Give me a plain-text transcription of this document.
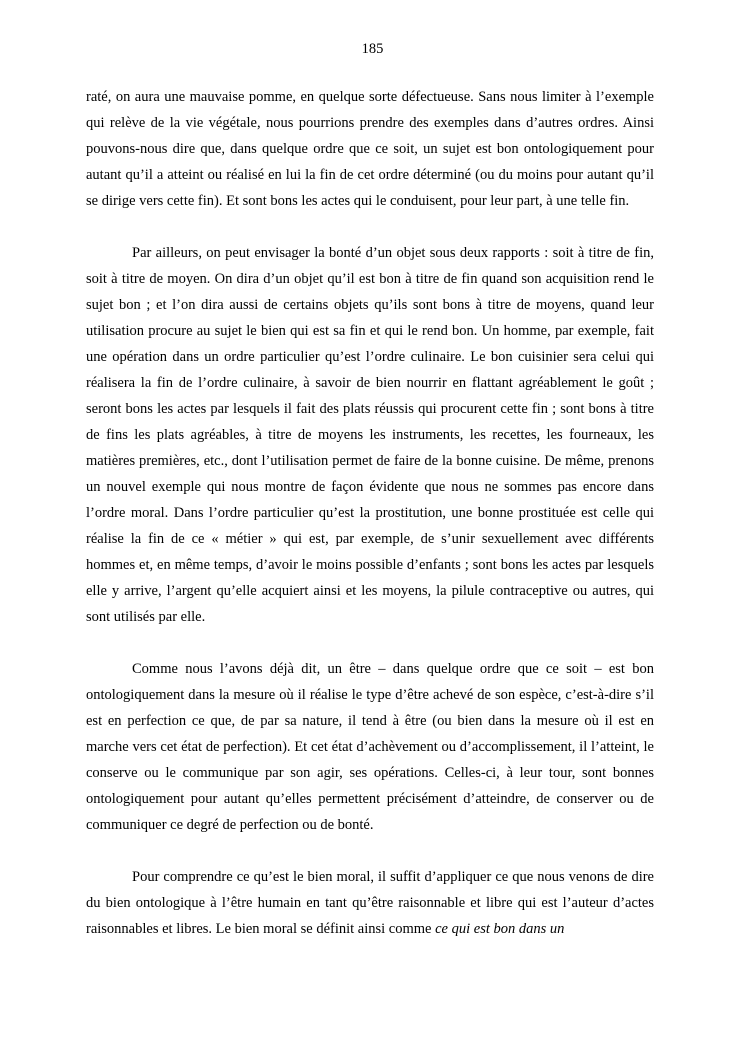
185

raté, on aura une mauvaise pomme, en quelque sorte défectueuse. Sans nous limiter à l’exemple qui relève de la vie végétale, nous pourrions prendre des exemples dans d’autres ordres. Ainsi pouvons-nous dire que, dans quelque ordre que ce soit, un sujet est bon ontologiquement pour autant qu’il a atteint ou réalisé en lui la fin de cet ordre déterminé (ou du moins pour autant qu’il se dirige vers cette fin). Et sont bons les actes qui le conduisent, pour leur part, à une telle fin.

Par ailleurs, on peut envisager la bonté d’un objet sous deux rapports : soit à titre de fin, soit à titre de moyen. On dira d’un objet qu’il est bon à titre de fin quand son acquisition rend le sujet bon ; et l’on dira aussi de certains objets qu’ils sont bons à titre de moyens, quand leur utilisation procure au sujet le bien qui est sa fin et qui le rend bon. Un homme, par exemple, fait une opération dans un ordre particulier qu’est l’ordre culinaire. Le bon cuisinier sera celui qui réalisera la fin de l’ordre culinaire, à savoir de bien nourrir en flattant agréablement le goût ; seront bons les actes par lesquels il fait des plats réussis qui procurent cette fin ; sont bons à titre de fins les plats agréables, à titre de moyens les instruments, les recettes, les fourneaux, les matières premières, etc., dont l’utilisation permet de faire de la bonne cuisine. De même, prenons un nouvel exemple qui nous montre de façon évidente que nous ne sommes pas encore dans l’ordre moral. Dans l’ordre particulier qu’est la prostitution, une bonne prostituée est celle qui réalise la fin de ce « métier » qui est, par exemple, de s’unir sexuellement avec différents hommes et, en même temps, d’avoir le moins possible d’enfants ; sont bons les actes par lesquels elle y arrive, l’argent qu’elle acquiert ainsi et les moyens, la pilule contraceptive ou autres, qui sont utilisés par elle.

Comme nous l’avons déjà dit, un être – dans quelque ordre que ce soit – est bon ontologiquement dans la mesure où il réalise le type d’être achevé de son espèce, c’est-à-dire s’il est en perfection ce que, de par sa nature, il tend à être (ou bien dans la mesure où il est en marche vers cet état de perfection). Et cet état d’achèvement ou d’accomplissement, il l’atteint, le conserve ou le communique par son agir, ses opérations. Celles-ci, à leur tour, sont bonnes ontologiquement pour autant qu’elles permettent précisément d’atteindre, de conserver ou de communiquer ce degré de perfection ou de bonté.

Pour comprendre ce qu’est le bien moral, il suffit d’appliquer ce que nous venons de dire du bien ontologique à l’être humain en tant qu’être raisonnable et libre qui est l’auteur d’actes raisonnables et libres. Le bien moral se définit ainsi comme ce qui est bon dans un
